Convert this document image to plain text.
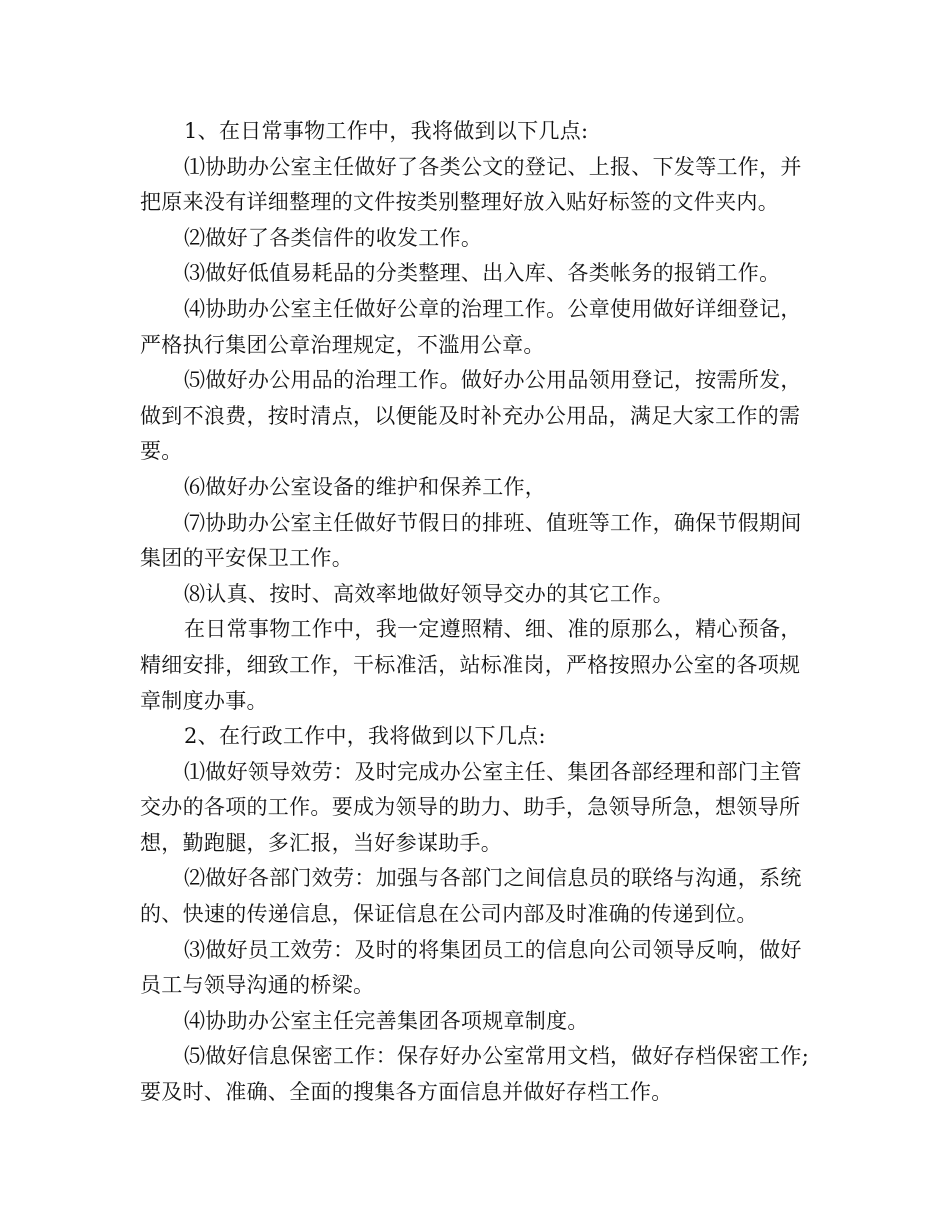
1、在日常事物工作中，我将做到以下几点:

⑴协助办公室主任做好了各类公文的登记、上报、下发等工作，并把原来没有详细整理的文件按类别整理好放入贴好标签的文件夹内。

⑵做好了各类信件的收发工作。

⑶做好低值易耗品的分类整理、出入库、各类帐务的报销工作。

⑷协助办公室主任做好公章的治理工作。公章使用做好详细登记，严格执行集团公章治理规定，不滥用公章。

⑸做好办公用品的治理工作。做好办公用品领用登记，按需所发，做到不浪费，按时清点，以便能及时补充办公用品，满足大家工作的需要。

⑹做好办公室设备的维护和保养工作，

⑺协助办公室主任做好节假日的排班、值班等工作，确保节假期间集团的平安保卫工作。

⑻认真、按时、高效率地做好领导交办的其它工作。

在日常事物工作中，我一定遵照精、细、准的原那么，精心预备，精细安排，细致工作，干标准活，站标准岗，严格按照办公室的各项规章制度办事。

2、在行政工作中，我将做到以下几点:

⑴做好领导效劳：及时完成办公室主任、集团各部经理和部门主管交办的各项的工作。要成为领导的助力、助手，急领导所急，想领导所想，勤跑腿，多汇报，当好参谋助手。

⑵做好各部门效劳：加强与各部门之间信息员的联络与沟通，系统的、快速的传递信息，保证信息在公司内部及时准确的传递到位。

⑶做好员工效劳：及时的将集团员工的信息向公司领导反响，做好员工与领导沟通的桥梁。

⑷协助办公室主任完善集团各项规章制度。

⑸做好信息保密工作：保存好办公室常用文档，做好存档保密工作;要及时、准确、全面的搜集各方面信息并做好存档工作。
